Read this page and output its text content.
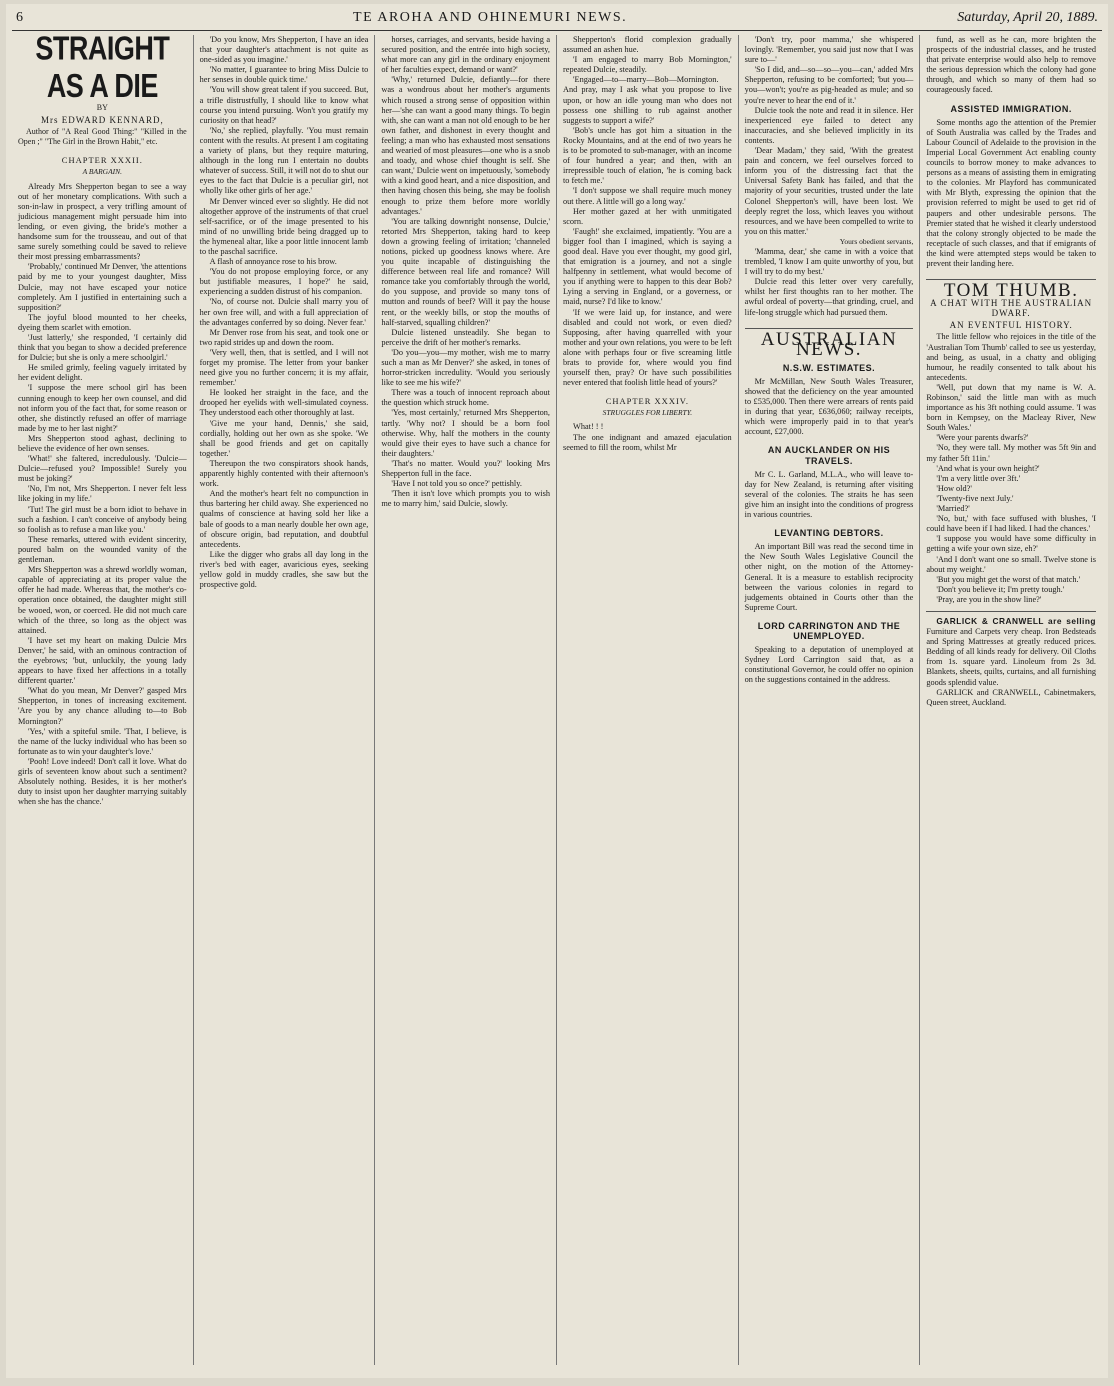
6	TE AROHA AND OHINEMURI NEWS.	Saturday, April 20, 1889.
STRAIGHT AS A DIE
BY
Mrs EDWARD KENNARD,
Author of "A Real Good Thing:" "Killed in the Open ;" "The Girl in the Brown Habit," etc.
CHAPTER XXXII.
A BARGAIN.

Already Mrs Shepperton began to see a way out of her monetary complications. With such a son-in-law in prospect, a very trifling amount of judicious management might persuade him into lending, or even giving, the bride's mother a handsome sum for the trousseau, and out of that same surely something could be saved to relieve their most pressing embarrassments?

'Probably,' continued Mr Denver, 'the attentions paid by me to your youngest daughter, Miss Dulcie, may not have escaped your notice completely. Am I justified in entertaining such a supposition?'

The joyful blood mounted to her cheeks, dyeing them scarlet with emotion.

'Just latterly,' she responded, 'I certainly did think that you began to show a decided preference for Dulcie; but she is only a mere schoolgirl.'

He smiled grimly, feeling vaguely irritated by her evident delight.

'I suppose the mere school girl has been cunning enough to keep her own counsel, and did not inform you of the fact that, for some reason or other, she distinctly refused an offer of marriage made by me to her last night?'

Mrs Shepperton stood aghast, declining to believe the evidence of her own senses.

'What!' she faltered, incredulously. 'Dulcie—Dulcie—refused you? Impossible! Surely you must be joking?'

'No, I'm not, Mrs Shepperton. I never felt less like joking in my life.'

'Tut! The girl must be a born idiot to behave in such a fashion. I can't conceive of anybody being so foolish as to refuse a man like you.'

These remarks, uttered with evident sincerity, poured balm on the wounded vanity of the gentleman.

Mrs Shepperton was a shrewd worldly woman, capable of appreciating at its proper value the offer he had made. Whereas that, the mother's co-operation once obtained, the daughter might still be wooed, won, or coerced. He did not much care which of the three, so long as the object was attained.

'I have set my heart on making Dulcie Mrs Denver,' he said, with an ominous contraction of the eyebrows; 'but, unluckily, the young lady appears to have fixed her affections in a totally different quarter.'

'What do you mean, Mr Denver?' gasped Mrs Shepperton, in tones of increasing excitement. 'Are you by any chance alluding to—to Bob Mornington?'

'Yes,' with a spiteful smile. 'That, I believe, is the name of the lucky individual who has been so fortunate as to win your daughter's love.'

'Pooh! Love indeed! Don't call it love. What do girls of seventeen know about such a sentiment? Absolutely nothing. Besides, it is her mother's duty to insist upon her daughter marrying suitably when she has the chance.'

'Do you know, Mrs Shepperton, I have an idea that your daughter's attachment is not quite as one-sided as you imagine.'

'No matter, I guarantee to bring Miss Dulcie to her senses in double quick time.'

'You will show great talent if you succeed. But, a trifle distrustfully, I should like to know what course you intend pursuing. Won't you gratify my curiosity on that head?'

'No,' she replied, playfully. 'You must remain content with the results. At present I am cogitating a variety of plans, but they require maturing, although in the long run I entertain no doubts whatever of success. Still, it will not do to shut our eyes to the fact that Dulcie is a peculiar girl, not wholly like other girls of her age.'

Mr Denver winced ever so slightly. He did not altogether approve of the instruments of that cruel self-sacrifice, or of the image presented to his mind of no unwilling bride being dragged up to the hymeneal altar, like a poor little innocent lamb to the paschal sacrifice.

A flash of annoyance rose to his brow.

'You do not propose employing force, or any but justifiable measures, I hope?' he said, experiencing a sudden distrust of his companion.

'No, of course not. Dulcie shall marry you of her own free will, and with a full appreciation of the advantages conferred by so doing. Never fear.'

Mr Denver rose from his seat, and took one or two rapid strides up and down the room.

'Very well, then, that is settled, and I will not forget my promise. The letter from your banker need give you no further concern; it is my affair, remember.'

He looked her straight in the face, and the drooped her eyelids with well-simulated coyness. They understood each other thoroughly at last.

'Give me your hand, Dennis,' she said, cordially, holding out her own as she spoke. 'We shall be good friends and get on capitally together.'

Thereupon the two conspirators shook hands, apparently highly contented with their afternoon's work.

And the mother's heart felt no compunction in thus bartering her child away. She experienced no qualms of conscience at having sold her like a bale of goods to a man nearly double her own age, of obscure origin, bad reputation, and doubtful antecedents.

Like the digger who grabs all day long in the river's bed with eager, avaricious eyes, seeking yellow gold in muddy cradles, she saw but the prospective gold.

horses, carriages, and servants, beside having a secured position, and the entrée into high society, what more can any girl in the ordinary enjoyment of her faculties expect, demand or want?'

'Why,' returned Dulcie, defiantly—for there was a wondrous about her mother's arguments which roused a strong sense of opposition within her—'she can want a good many things. To begin with, she can want a man not old enough to be her own father, and dishonest in every thought and feeling; a man who has exhausted most sensations and wearied of most pleasures—one who is a snob and toady, and whose chief thought is self. She can want,' Dulcie went on impetuously, 'somebody with a kind good heart, and a nice disposition, and then having chosen this being, she may be foolish enough to prize them before more worldly advantages.'

'You are talking downright nonsense, Dulcie,' retorted Mrs Shepperton, taking hard to keep down a growing feeling of irritation; 'channeled notions, picked up goodness knows where. Are you quite incapable of distinguishing the difference between real life and romance? Will romance take you comfortably through the world, do you suppose, and provide so many tons of mutton and rounds of beef? Will it pay the house rent, or the weekly bills, or stop the mouths of half-starved, squalling children?'

Dulcie listened unsteadily. She began to perceive the drift of her mother's remarks.

'Do you—you—my mother, wish me to marry such a man as Mr Denver?' she asked, in tones of horror-stricken incredulity. 'Would you seriously like to see me his wife?'

There was a touch of innocent reproach about the question which struck home.

'Yes, most certainly,' returned Mrs Shepperton, tartly. 'Why not? I should be a born fool otherwise. Why, half the mothers in the county would give their eyes to have such a chance for their daughters.'

'That's no matter. Would you?' looking Mrs Shepperton full in the face.

'Have I not told you so once?' pettishly.

'Then it isn't love which prompts you to wish me to marry him,' said Dulcie, slowly.

Shepperton's florid complexion gradually assumed an ashen hue.

'I am engaged to marry Bob Mornington,' repeated Dulcie, steadily.

'Engaged—to—marry—Bob—Mornington. And pray, may I ask what you propose to live upon, or how an idle young man who does not possess one shilling to rub against another suggests to support a wife?'

'Bob's uncle has got him a situation in the Rocky Mountains, and at the end of two years he is to be promoted to sub-manager, with an income of four hundred a year; and then, with an irrepressible touch of elation, 'he is coming back to fetch me.'

'I don't suppose we shall require much money out there. A little will go a long way.'

Her mother gazed at her with unmitigated scorn.

'Faugh!' she exclaimed, impatiently. 'You are a bigger fool than I imagined, which is saying a good deal. Have you ever thought, my good girl, that emigration is a journey, and not a single halfpenny in settlement, what would become of you if anything were to happen to this dear Bob? Lying a serving in England, or a governess, or maid, nurse? I'd like to know.'

'If we were laid up, for instance, and were disabled and could not work, or even died? Supposing, after having quarrelled with your mother and your own relations, you were to be left alone with perhaps four or five screaming little brats to provide for, where would you find yourself then, pray? Or have such possibilities never entered that foolish little head of yours?'

CHAPTER XXXIV.
STRUGGLES FOR LIBERTY.

What! ! !

The one indignant and amazed ejaculation seemed to fill the room, whilst Mr

'Don't try, poor mamma,' she whispered lovingly. 'Remember, you said just now that I was sure to—'

'So I did, and—so—so—you—can,' added Mrs Shepperton, refusing to be comforted; 'but you—you—won't; you're as pig-headed as mule; and so you're never to hear the end of it.'

Dulcie took the note and read it in silence. Her inexperienced eye failed to detect any inaccuracies, and she believed implicitly in its contents.

'Dear Madam,' they said, 'With the greatest pain and concern, we feel ourselves forced to inform you of the distressing fact that the Universal Safety Bank has failed, and that the majority of your securities, trusted under the late Colonel Shepperton's will, have been lost. We deeply regret the loss, which leaves you without resources, and we have been compelled to write to you on this matter.'

Yours obedient servants,

'Mamma, dear,' she came in with a voice that trembled, 'I know I am quite unworthy of you, but I will try to do my best.'

Dulcie read this letter over very carefully, whilst her first thoughts ran to her mother. The awful ordeal of poverty—that grinding, cruel, and life-long struggle which had pursued them.

AUSTRALIAN NEWS.
N.S.W. ESTIMATES.

Mr McMillan, New South Wales Treasurer, showed that the deficiency on the year amounted to £535,000. Then there were arrears of rents paid in during that year, £636,060; railway receipts, which were improperly paid in to that year's account, £27,000.

AN AUCKLANDER ON HIS TRAVELS.

Mr C. L. Garland, M.L.A., who will leave to-day for New Zealand, is returning after visiting several of the colonies. The straits he has seen give him an insight into the conditions of progress in various countries.

LEVANTING DEBTORS.

An important Bill was read the second time in the New South Wales Legislative Council the other night, on the motion of the Attorney-General. It is a measure to establish reciprocity between the various colonies in regard to judgements obtained in Courts other than the Supreme Court.

LORD CARRINGTON AND THE UNEMPLOYED.

Speaking to a deputation of unemployed at Sydney Lord Carrington said that, as a constitutional Governor, he could offer no opinion on the suggestions contained in the address.

fund, as well as he can, more brighten the prospects of the industrial classes, and he trusted that private enterprise would also help to remove the serious depression which the colony had gone through, and which so many of them had so courageously faced.

ASSISTED IMMIGRATION.

Some months ago the attention of the Premier of South Australia was called by the Trades and Labour Council of Adelaide to the provision in the Imperial Local Government Act enabling county councils to borrow money to make advances to persons as a means of assisting them in emigrating to the colonies. Mr Playford has communicated with Mr Blyth, expressing the opinion that the provision referred to might be used to get rid of paupers and other undesirable persons. The Premier stated that he wished it clearly understood that the colony strongly objected to be made the receptacle of such classes, and that if emigrants of the kind were attempted steps would be taken to prevent their landing here.

TOM THUMB.
A CHAT WITH THE AUSTRALIAN DWARF.
AN EVENTFUL HISTORY.

The little fellow who rejoices in the title of the 'Australian Tom Thumb' called to see us yesterday, and being, as usual, in a chatty and obliging humour, he readily consented to talk about his antecedents.

'Well, put down that my name is W. A. Robinson,' said the little man with as much importance as his 3ft nothing could assume. 'I was born in Kempsey, on the Macleay River, New South Wales.'

'Were your parents dwarfs?'

'No, they were tall. My mother was 5ft 9in and my father 5ft 11in.'

'And what is your own height?'

'I'm a very little over 3ft.'

'How old?'

'Twenty-five next July.'

'Married?'

'No, but,' with face suffused with blushes, 'I could have been if I had liked. I had the chances.'

'I suppose you would have some difficulty in getting a wife your own size, eh?'

'And I don't want one so small. Twelve stone is about my weight.'

'But you might get the worst of that match.'

'Don't you believe it; I'm pretty tough.'

'Pray, are you in the show line?'

GARLICK & CRANWELL are selling Furniture and Carpets very cheap. Iron Bedsteads and Spring Mattresses at greatly reduced prices. Bedding of all kinds ready for delivery. Oil Cloths from 1s. square yard. Linoleum from 2s 3d. Blankets, sheets, quilts, curtains, and all furnishing goods splendid value.

GARLICK and CRANWELL, Cabinetmakers, Queen street, Auckland.
